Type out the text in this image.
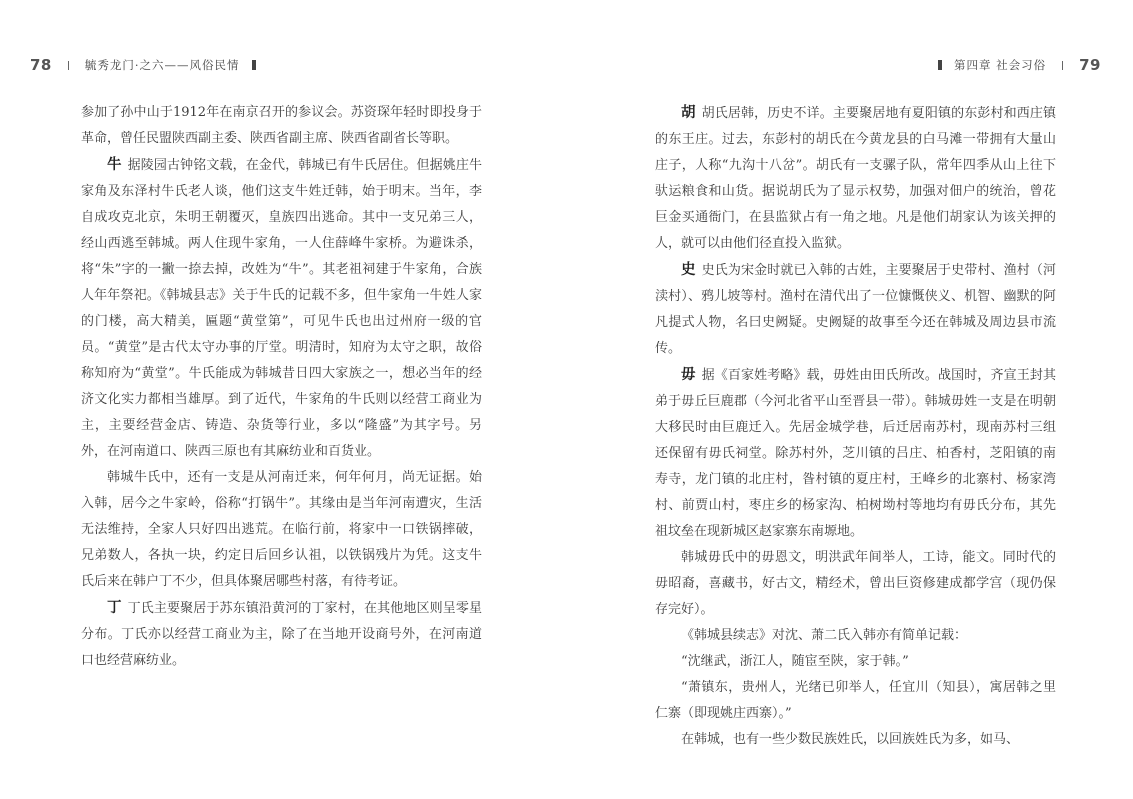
78	毓秀龙门·之六——风俗民情	第四章 社会习俗 79

参加了孙中山于1912年在南京召开的参议会。苏资琛年轻时即投身于革命，曾任民盟陕西副主委、陕西省副主席、陕西省副省长等职。

牛 据陵园古钟铭文载，在金代，韩城已有牛氏居住。但据姚庄牛家角及东泽村牛氏老人谈，他们这支牛姓迁韩，始于明末。当年，李自成攻克北京，朱明王朝覆灭，皇族四出逃命。其中一支兄弟三人，经山西逃至韩城。两人住现牛家角，一人住薛峰牛家桥。为避诛杀，将“朱”字的一撇一捺去掉，改姓为“牛”。其老祖祠建于牛家角，合族人年年祭祀。《韩城县志》关于牛氏的记载不多，但牛家角一牛姓人家的门楼，高大精美，匾题“黄堂第”，可见牛氏也出过州府一级的官员。“黄堂”是古代太守办事的厅堂。明清时，知府为太守之职，故俗称知府为“黄堂”。牛氏能成为韩城昔日四大家族之一，想必当年的经济文化实力都相当雄厚。到了近代，牛家角的牛氏则以经营工商业为主，主要经营金店、铸造、杂货等行业，多以“隆盛”为其字号。另外，在河南道口、陕西三原也有其麻纺业和百货业。

韩城牛氏中，还有一支是从河南迁来，何年何月，尚无证据。始入韩，居今之牛家岭，俗称“打锅牛”。其缘由是当年河南遭灾，生活无法维持，全家人只好四出逃荒。在临行前，将家中一口铁锅摔破，兄弟数人，各执一块，约定日后回乡认祖，以铁锅残片为凭。这支牛氏后来在韩户丁不少，但具体聚居哪些村落，有待考证。

丁 丁氏主要聚居于苏东镇沿黄河的丁家村，在其他地区则呈零星分布。丁氏亦以经营工商业为主，除了在当地开设商号外，在河南道口也经营麻纺业。

胡 胡氏居韩，历史不详。主要聚居地有夏阳镇的东彭村和西庄镇的东王庄。过去，东彭村的胡氏在今黄龙县的白马滩一带拥有大量山庄子，人称“九沟十八岔”。胡氏有一支骡子队，常年四季从山上往下驮运粮食和山货。据说胡氏为了显示权势，加强对佃户的统治，曾花巨金买通衙门，在县监狱占有一角之地。凡是他们胡家认为该关押的人，就可以由他们径直投入监狱。

史 史氏为宋金时就已入韩的古姓，主要聚居于史带村、渔村（河渎村）、鸦儿坡等村。渔村在清代出了一位慷慨侠义、机智、幽默的阿凡提式人物，名曰史阙疑。史阙疑的故事至今还在韩城及周边县市流传。

毋 据《百家姓考略》载，毋姓由田氏所改。战国时，齐宣王封其弟于毋丘巨鹿郡（今河北省平山至晋县一带）。韩城毋姓一支是在明朝大移民时由巨鹿迁入。先居金城学巷，后迁居南苏村，现南苏村三组还保留有毋氏祠堂。除苏村外，芝川镇的吕庄、柏香村，芝阳镇的南寿寺，龙门镇的北庄村，昝村镇的夏庄村，王峰乡的北寨村、杨家湾村、前贾山村，枣庄乡的杨家沟、柏树坳村等地均有毋氏分布，其先祖坟垒在现新城区赵家寨东南塬地。

韩城毋氏中的毋恩文，明洪武年间举人，工诗，能文。同时代的毋昭裔，喜藏书，好古文，精经术，曾出巨资修建成都学宫（现仍保存完好）。

《韩城县续志》对沈、萧二氏入韩亦有简单记载：

“沈继武，浙江人，随宦至陕，家于韩。”

“萧镇东，贵州人，光绪已卯举人，任宜川（知县），寓居韩之里仁寨（即现姚庄西寨）。”

在韩城，也有一些少数民族姓氏，以回族姓氏为多，如马、
